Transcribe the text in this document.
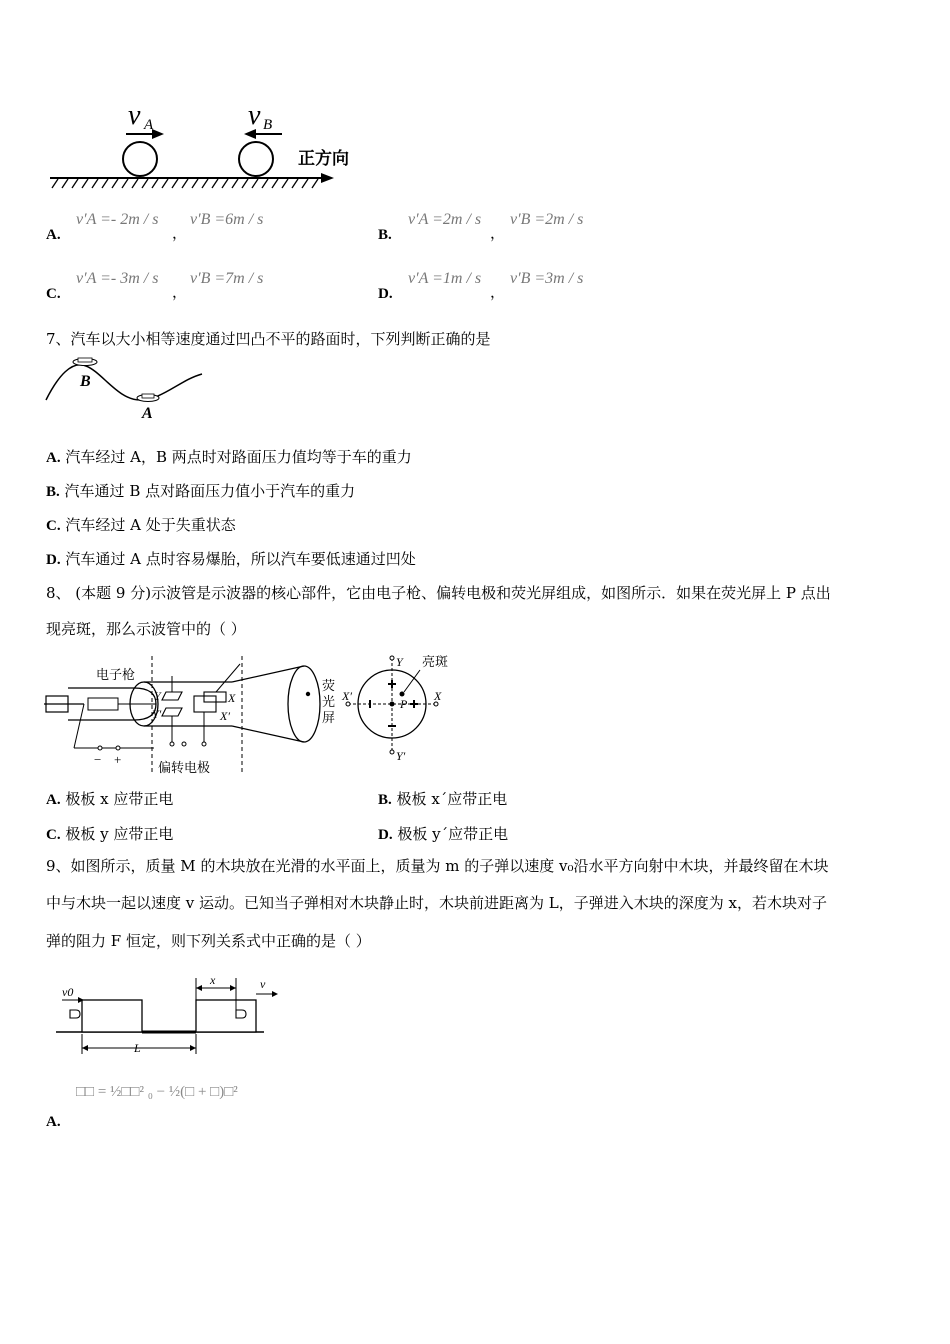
v A	v B
正方向
A.
v′A =- 2m / s
，
v′B =6m / s
B.
v′A =2m / s
，
v′B =2m / s
C.
v′A =- 3m / s
，
v′B =7m / s
D.
v′A =1m / s
，
v′B =3m / s
7、汽车以大小相等速度通过凹凸不平的路面时，下列判断正确的是
B
A
A. 汽车经过 A，B 两点时对路面压力值均等于车的重力
B. 汽车通过 B 点对路面压力值小于汽车的重力
C. 汽车经过 A 处于失重状态
D. 汽车通过 A 点时容易爆胎，所以汽车要低速通过凹处
8、 (本题 9 分)示波管是示波器的核心部件，它由电子枪、偏转电极和荧光屏组成，如图所示．如果在荧光屏上 P 点出
现亮斑，那么示波管中的（ ）
电子枪
− +
Y
Y′
X
X′
偏转电极
荧光屏
Y
Y′
X′	X
P
亮斑
A. 极板 x 应带正电	B. 极板 x´应带正电
C. 极板 y 应带正电	D. 极板 y´应带正电
9、如图所示，质量 M 的木块放在光滑的水平面上，质量为 m 的子弹以速度 v₀沿水平方向射中木块，并最终留在木块
中与木块一起以速度 v 运动。已知当子弹相对木块静止时，木块前进距离为 L，子弹进入木块的深度为 x，若木块对子
弹的阻力 F 恒定，则下列关系式中正确的是（ ）
v0
v
x
L
□□ = ½□□² ₀ − ½(□ + □)□²
A.
